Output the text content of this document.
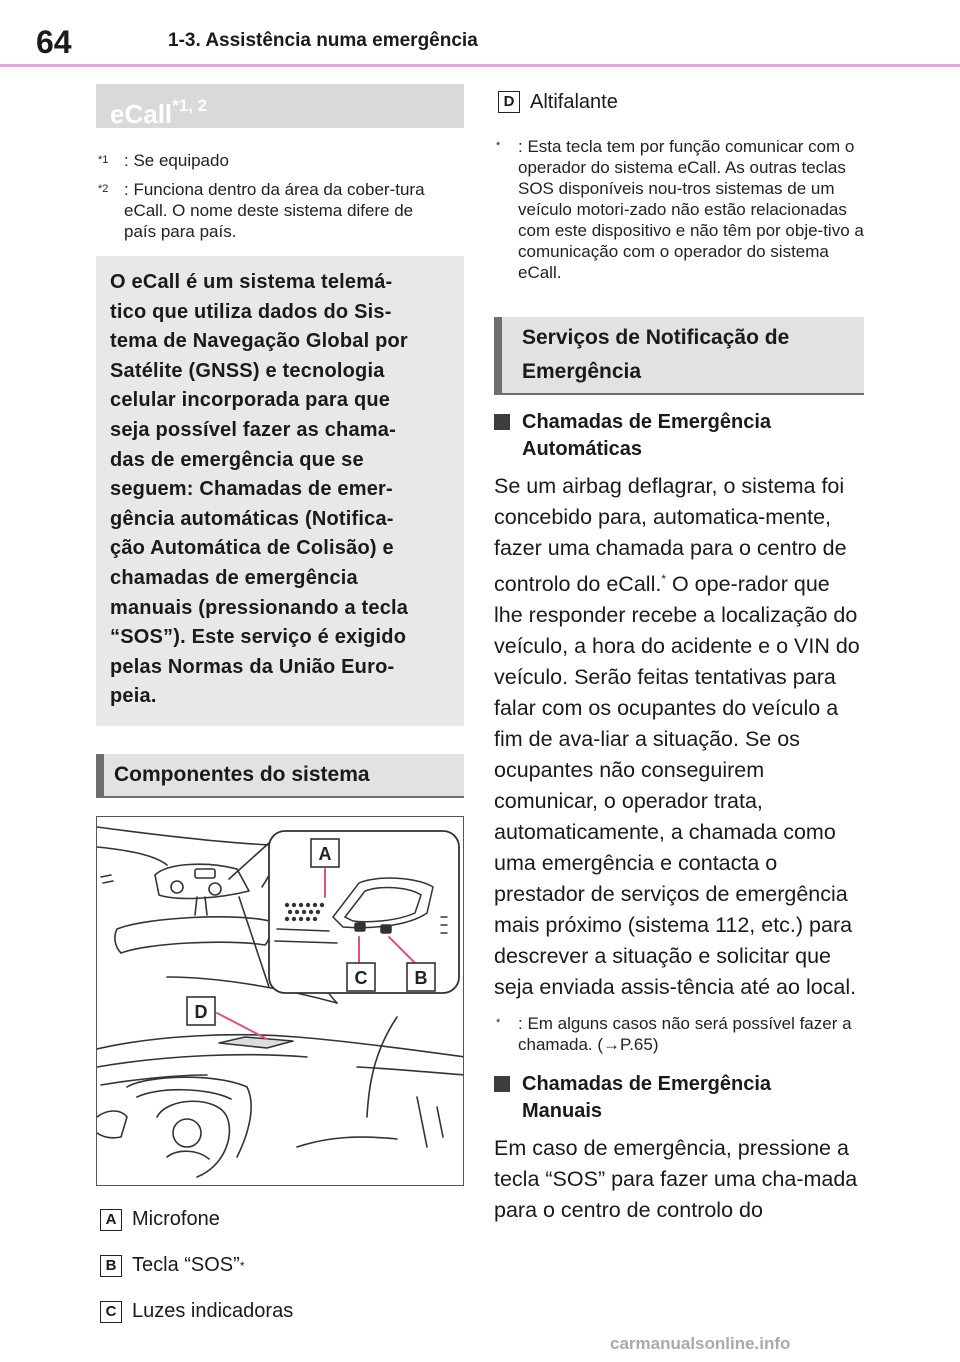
64	1-3. Assistência numa emergência
eCall$^{*1, 2}$
$^{*1}$ : Se equipado
$^{*2}$ : Funciona dentro da área da cober-tura eCall. O nome deste sistema difere de país para país.

O eCall é um sistema telemá-

tico que utiliza dados do Sis-

tema de Navegação Global por

Satélite (GNSS) e tecnologia

celular incorporada para que

seja possível fazer as chama-

das de emergência que se

seguem: Chamadas de emer-

gência automáticas (Notifica-

ção Automática de Colisão) e

chamadas de emergência

manuais (pressionando a tecla

“SOS”). Este serviço é exigido

pelas Normas da União Euro-

peia.

Componentes do sistema
A
C	B
D
A Microfone
B Tecla “SOS” *
C Luzes indicadoras
D Altifalante
* : Esta tecla tem por função comunicar com o operador do sistema eCall. As outras teclas SOS disponíveis nou-tros sistemas de um veículo motori-zado não estão relacionadas com este dispositivo e não têm por obje-tivo a comunicação com o operador do sistema eCall.
Serviços de Notificação de
Emergência
Chamadas de Emergência
Automáticas

Se um airbag deflagrar, o sistema foi concebido para, automatica-mente, fazer uma chamada para o centro de controlo do eCall.* O ope-rador que lhe responder recebe a localização do veículo, a hora do acidente e o VIN do veículo. Serão feitas tentativas para falar com os ocupantes do veículo a fim de ava-liar a situação. Se os ocupantes não conseguirem comunicar, o operador trata, automaticamente, a chamada como uma emergência e contacta o prestador de serviços de emergência mais próximo (sistema 112, etc.) para descrever a situação e solicitar que seja enviada assis-tência até ao local.

* : Em alguns casos não será possível fazer a chamada. (→P.65)
Chamadas de Emergência
Manuais

Em caso de emergência, pressione a tecla “SOS” para fazer uma cha-mada para o centro de controlo do

carmanualsonline.info
